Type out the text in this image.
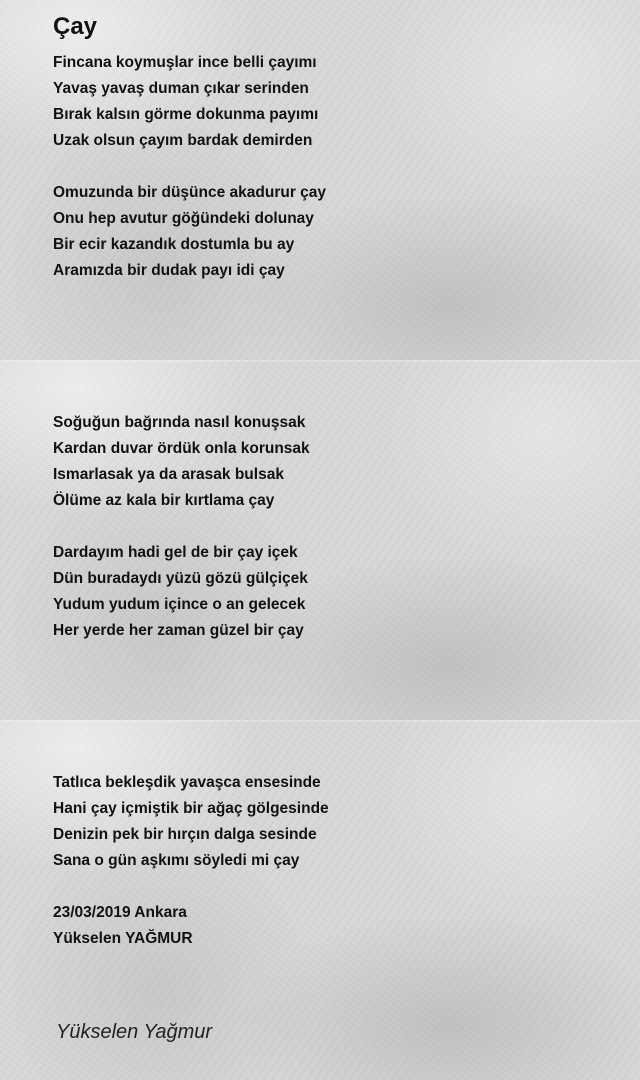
Çay
Fincana koymuşlar ince belli çayımı
Yavaş yavaş duman çıkar serinden
Bırak kalsın görme dokunma payımı
Uzak olsun çayım bardak demirden
Omuzunda bir düşünce akadurur çay
Onu hep avutur göğündeki dolunay
Bir ecir kazandık dostumla bu ay
Aramızda bir dudak payı idi çay
Soğuğun bağrında nasıl konuşsak
Kardan duvar ördük onla korunsak
Ismarlasak ya da arasak bulsak
Ölüme az kala bir kırtlama çay
Dardayım hadi gel de bir çay içek
Dün buradaydı yüzü gözü gülçiçek
Yudum yudum içince o an gelecek
Her yerde her zaman güzel bir çay
Tatlıca bekleşdik yavaşca ensesinde
Hani çay içmiştik bir ağaç gölgesinde
Denizin pek bir hırçın dalga sesinde
Sana o gün aşkımı söyledi mi çay
23/03/2019 Ankara
Yükselen YAĞMUR
Yükselen Yağmur
